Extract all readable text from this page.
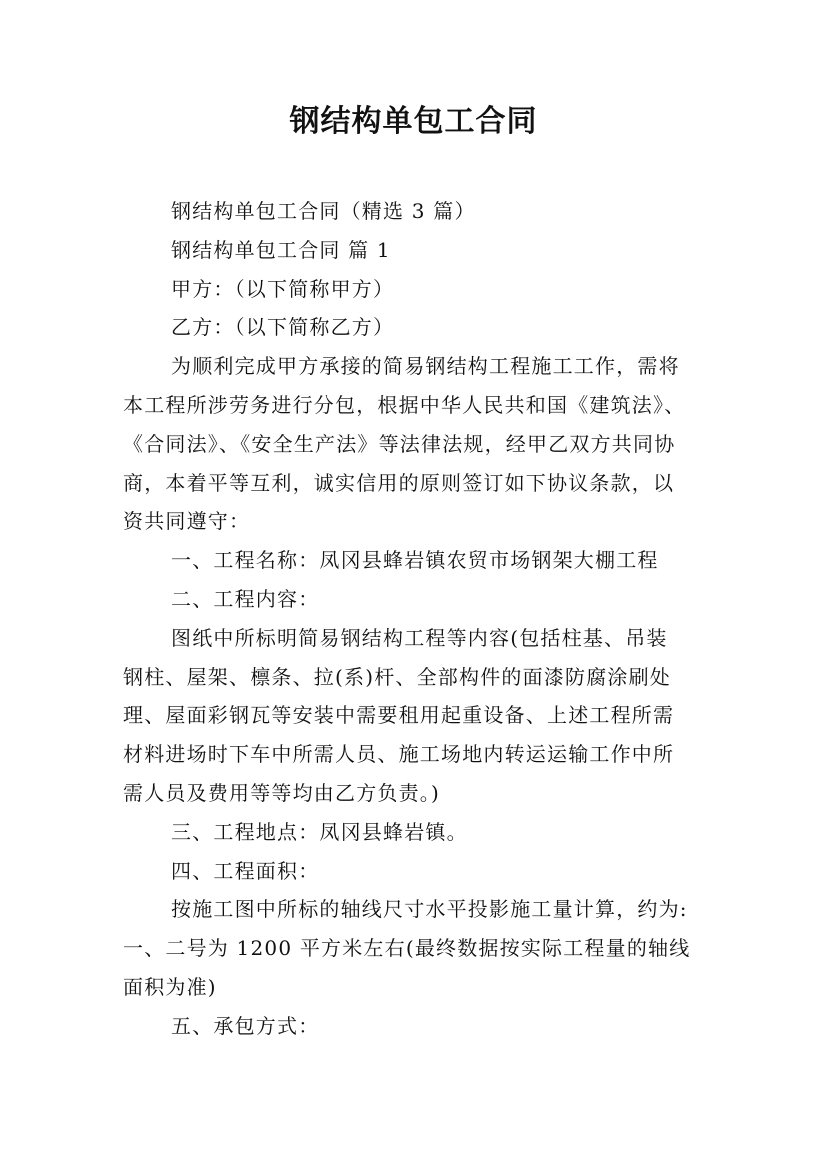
钢结构单包工合同

钢结构单包工合同（精选 3 篇）

钢结构单包工合同 篇 1

甲方：（以下简称甲方）

乙方：（以下简称乙方）

为顺利完成甲方承接的简易钢结构工程施工工作，需将

本工程所涉劳务进行分包，根据中华人民共和国《建筑法》、

《合同法》、《安全生产法》等法律法规，经甲乙双方共同协

商，本着平等互利，诚实信用的原则签订如下协议条款，以

资共同遵守：

一、工程名称：凤冈县蜂岩镇农贸市场钢架大棚工程

二、工程内容：

图纸中所标明简易钢结构工程等内容(包括柱基、吊装

钢柱、屋架、檩条、拉(系)杆、全部构件的面漆防腐涂刷处

理、屋面彩钢瓦等安装中需要租用起重设备、上述工程所需

材料进场时下车中所需人员、施工场地内转运运输工作中所

需人员及费用等等均由乙方负责。)

三、工程地点：凤冈县蜂岩镇。

四、工程面积：

按施工图中所标的轴线尺寸水平投影施工量计算，约为:

一、二号为 1200 平方米左右(最终数据按实际工程量的轴线

面积为准)

五、承包方式：
